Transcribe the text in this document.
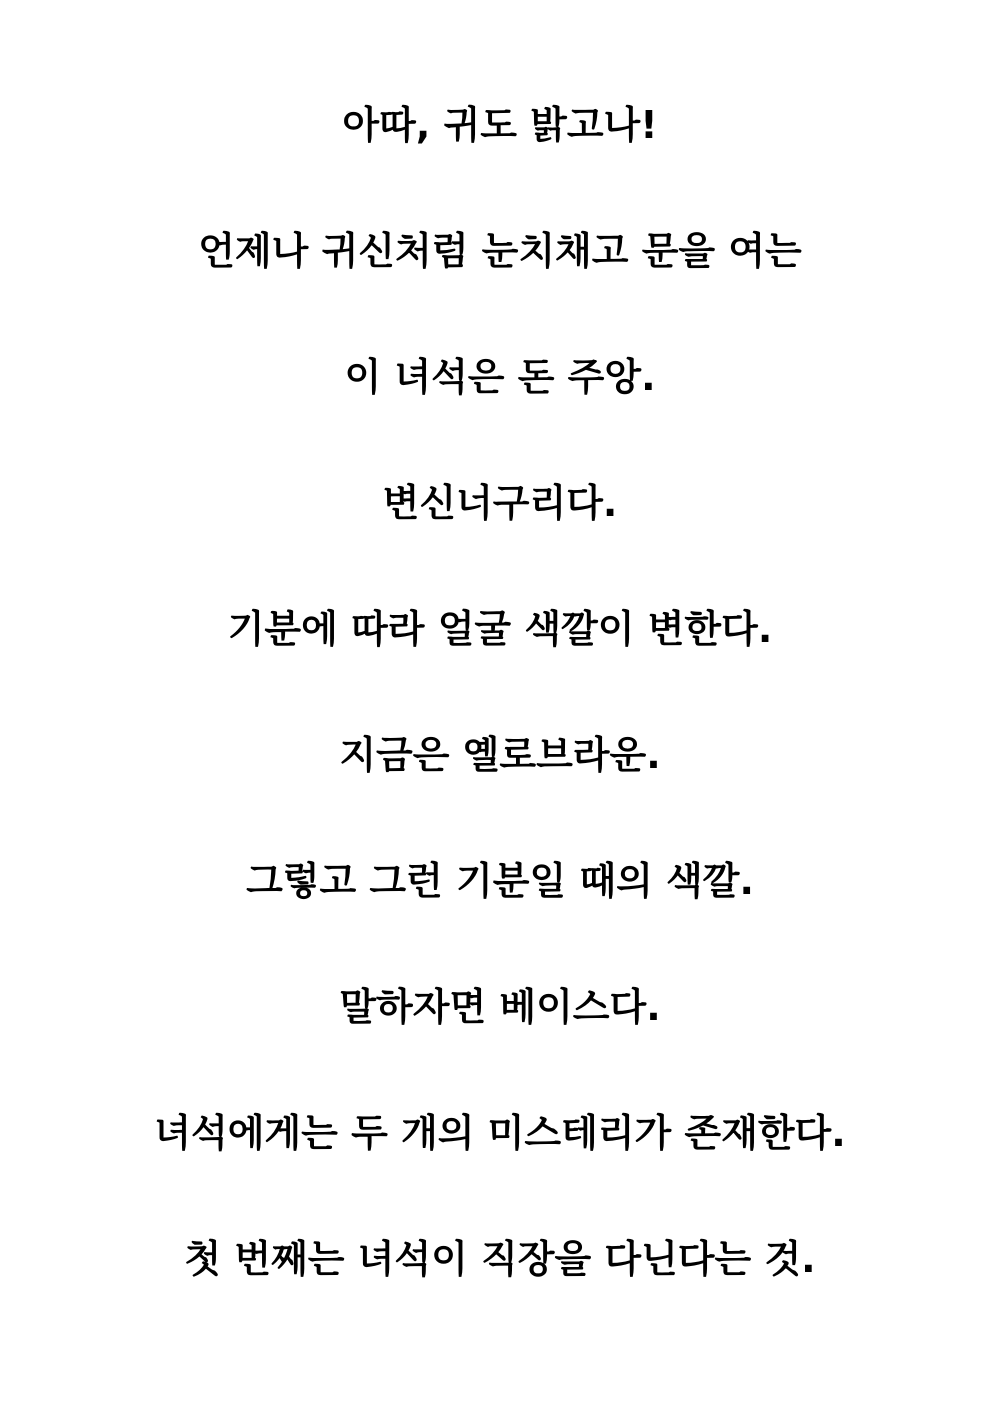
아따, 귀도 밝고나!
언제나 귀신처럼 눈치채고 문을 여는
이 녀석은 돈 주앙.
변신너구리다.
기분에 따라 얼굴 색깔이 변한다.
지금은 옐로브라운.
그렇고 그런 기분일 때의 색깔.
말하자면 베이스다.
녀석에게는 두 개의 미스테리가 존재한다.
첫 번째는 녀석이 직장을 다닌다는 것.
